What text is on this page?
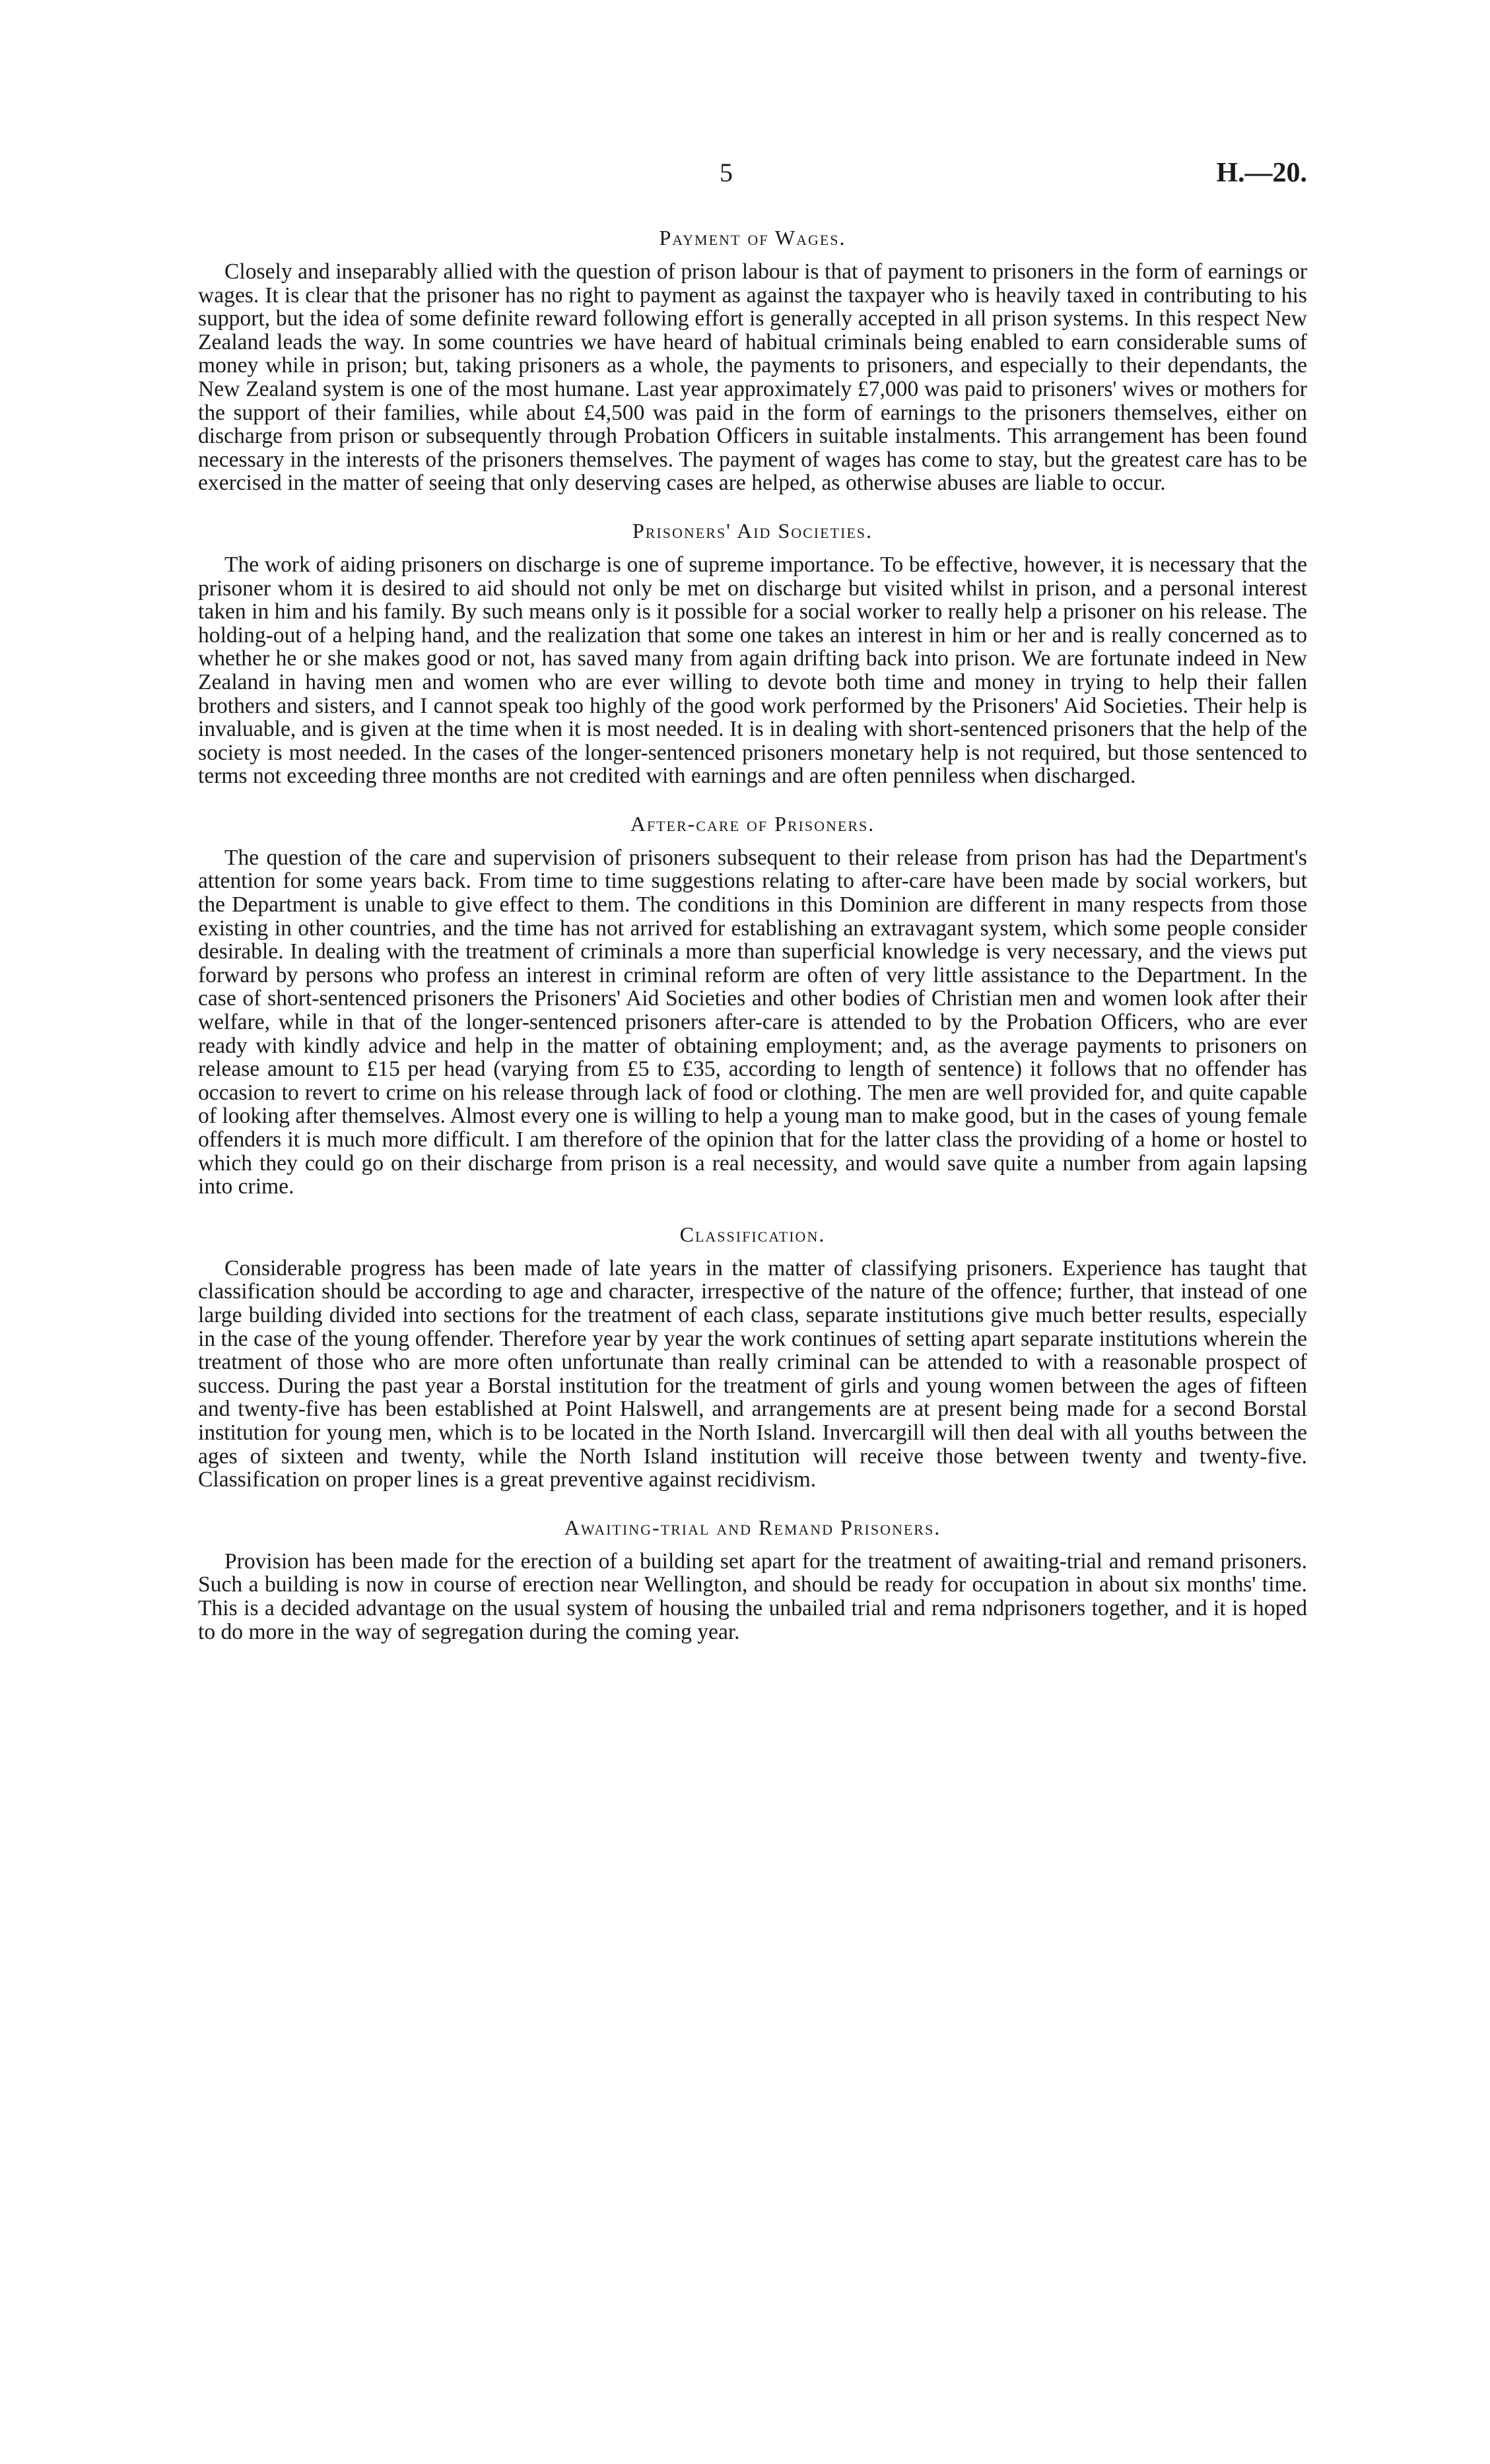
5	H.—20.
Payment of Wages.

Closely and inseparably allied with the question of prison labour is that of payment to prisoners in the form of earnings or wages. It is clear that the prisoner has no right to payment as against the taxpayer who is heavily taxed in contributing to his support, but the idea of some definite reward following effort is generally accepted in all prison systems. In this respect New Zealand leads the way. In some countries we have heard of habitual criminals being enabled to earn considerable sums of money while in prison; but, taking prisoners as a whole, the payments to prisoners, and especially to their dependants, the New Zealand system is one of the most humane. Last year approximately £7,000 was paid to prisoners' wives or mothers for the support of their families, while about £4,500 was paid in the form of earnings to the prisoners themselves, either on discharge from prison or subsequently through Probation Officers in suitable instalments. This arrangement has been found necessary in the interests of the prisoners themselves. The payment of wages has come to stay, but the greatest care has to be exercised in the matter of seeing that only deserving cases are helped, as otherwise abuses are liable to occur.

Prisoners' Aid Societies.

The work of aiding prisoners on discharge is one of supreme importance. To be effective, however, it is necessary that the prisoner whom it is desired to aid should not only be met on discharge but visited whilst in prison, and a personal interest taken in him and his family. By such means only is it possible for a social worker to really help a prisoner on his release. The holding-out of a helping hand, and the realization that some one takes an interest in him or her and is really concerned as to whether he or she makes good or not, has saved many from again drifting back into prison. We are fortunate indeed in New Zealand in having men and women who are ever willing to devote both time and money in trying to help their fallen brothers and sisters, and I cannot speak too highly of the good work performed by the Prisoners' Aid Societies. Their help is invaluable, and is given at the time when it is most needed. It is in dealing with short-sentenced prisoners that the help of the society is most needed. In the cases of the longer-sentenced prisoners monetary help is not required, but those sentenced to terms not exceeding three months are not credited with earnings and are often penniless when discharged.

After-care of Prisoners.

The question of the care and supervision of prisoners subsequent to their release from prison has had the Department's attention for some years back. From time to time suggestions relating to after-care have been made by social workers, but the Department is unable to give effect to them. The conditions in this Dominion are different in many respects from those existing in other countries, and the time has not arrived for establishing an extravagant system, which some people consider desirable. In dealing with the treatment of criminals a more than superficial knowledge is very necessary, and the views put forward by persons who profess an interest in criminal reform are often of very little assistance to the Department. In the case of short-sentenced prisoners the Prisoners' Aid Societies and other bodies of Christian men and women look after their welfare, while in that of the longer-sentenced prisoners after-care is attended to by the Probation Officers, who are ever ready with kindly advice and help in the matter of obtaining employment; and, as the average payments to prisoners on release amount to £15 per head (varying from £5 to £35, according to length of sentence) it follows that no offender has occasion to revert to crime on his release through lack of food or clothing. The men are well provided for, and quite capable of looking after themselves. Almost every one is willing to help a young man to make good, but in the cases of young female offenders it is much more difficult. I am therefore of the opinion that for the latter class the providing of a home or hostel to which they could go on their discharge from prison is a real necessity, and would save quite a number from again lapsing into crime.

Classification.

Considerable progress has been made of late years in the matter of classifying prisoners. Experience has taught that classification should be according to age and character, irrespective of the nature of the offence; further, that instead of one large building divided into sections for the treatment of each class, separate institutions give much better results, especially in the case of the young offender. Therefore year by year the work continues of setting apart separate institutions wherein the treatment of those who are more often unfortunate than really criminal can be attended to with a reasonable prospect of success. During the past year a Borstal institution for the treatment of girls and young women between the ages of fifteen and twenty-five has been established at Point Halswell, and arrangements are at present being made for a second Borstal institution for young men, which is to be located in the North Island. Invercargill will then deal with all youths between the ages of sixteen and twenty, while the North Island institution will receive those between twenty and twenty-five. Classification on proper lines is a great preventive against recidivism.

Awaiting-trial and Remand Prisoners.

Provision has been made for the erection of a building set apart for the treatment of awaiting-trial and remand prisoners. Such a building is now in course of erection near Wellington, and should be ready for occupation in about six months' time. This is a decided advantage on the usual system of housing the unbailed trial and rema ndprisoners together, and it is hoped to do more in the way of segregation during the coming year.
